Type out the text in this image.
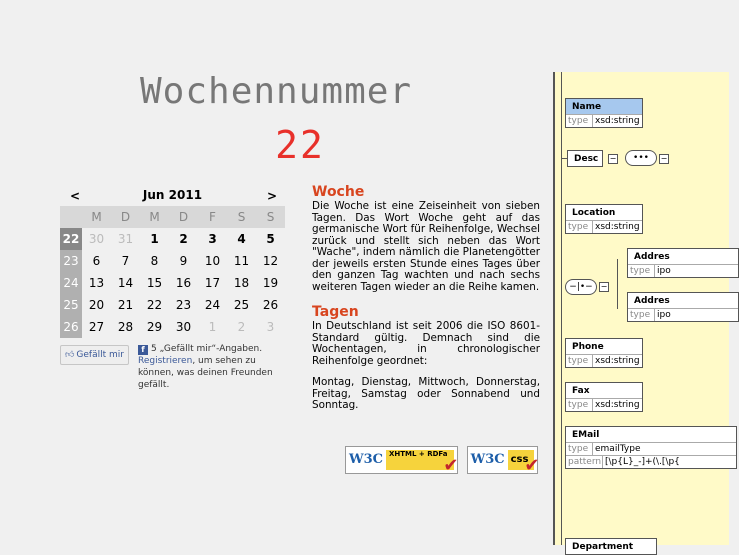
Wochennummer
22
<	Jun 2011	>
	M	D	M	D	F	S	S
22	30	31	1	2	3	4	5
23	6	7	8	9	10	11	12
24	13	14	15	16	17	18	19
25	20	21	22	23	24	25	26
26	27	28	29	30	1	2	3
👍︎ Gefällt mir
f 5 „Gefällt mir“-Angaben. Registrieren, um sehen zu können, was deinen Freunden gefällt.
Woche

Die Woche ist eine Zeiseinheit von sieben Tagen. Das Wort Woche geht auf das germanische Wort für Reihenfolge, Wechsel zurück und stellt sich neben das Wort "Wache", indem nämlich die Planetengötter der jeweils ersten Stunde eines Tages über den ganzen Tag wachten und nach sechs weiteren Tagen wieder an die Reihe kamen.

Tagen

In Deutschland ist seit 2006 die ISO 8601-Standard gültig. Demnach sind die Wochentagen, in chronologischer Reihenfolge geordnet:

Montag, Dienstag, Mittwoch, Donnerstag, Freitag, Samstag oder Sonnabend und Sonntag.

W3C XHTML + RDFa
✔ W3C css
✔
Name
type xsd:string
Desc	−	•••	−
Location
type xsd:string
−|•− −
Addres
type ipo
Addres
type ipo
Phone
type xsd:string
Fax
type xsd:string
EMail
type emailType
pattern [\p{L}_-]+(\.[\p{
Department
